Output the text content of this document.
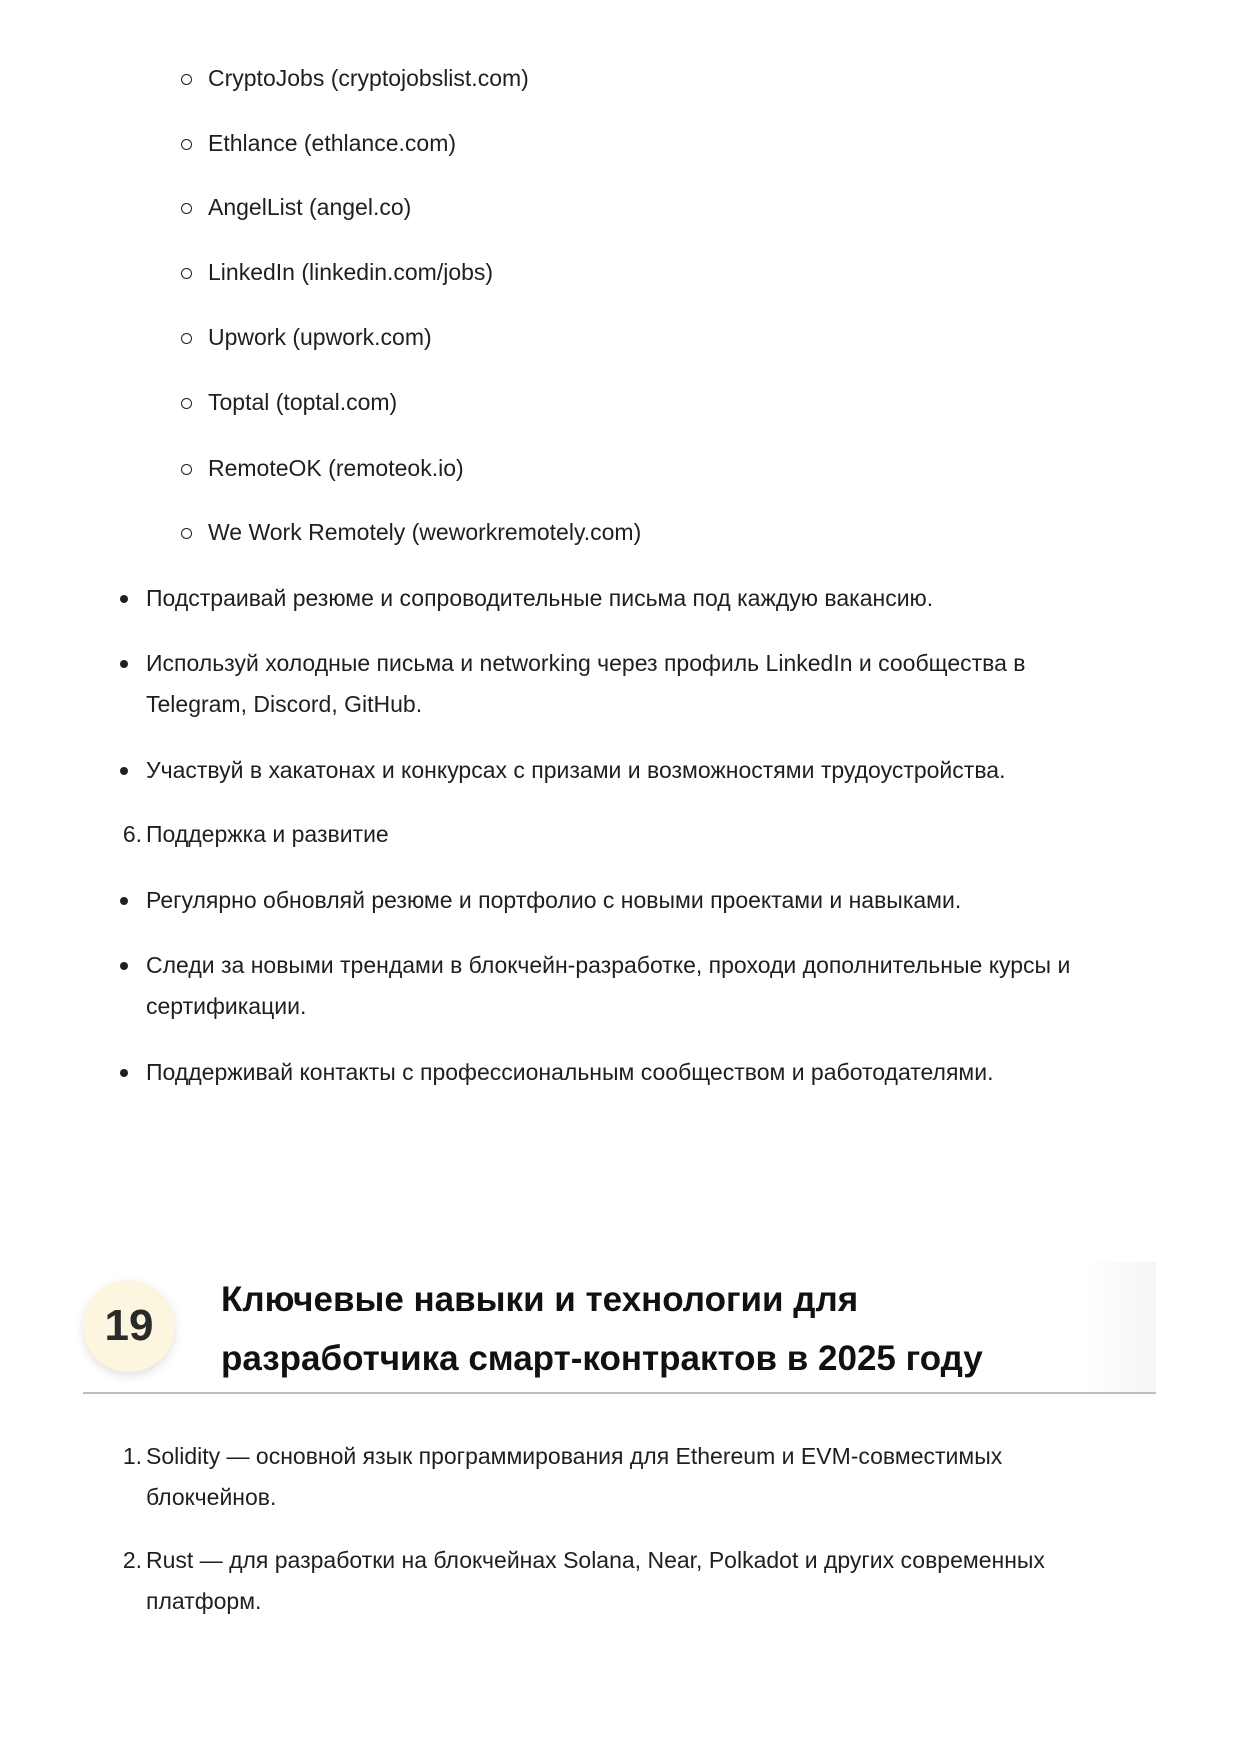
CryptoJobs (cryptojobslist.com)
Ethlance (ethlance.com)
AngelList (angel.co)
LinkedIn (linkedin.com/jobs)
Upwork (upwork.com)
Toptal (toptal.com)
RemoteOK (remoteok.io)
We Work Remotely (weworkremotely.com)
Подстраивай резюме и сопроводительные письма под каждую вакансию.
Используй холодные письма и networking через профиль LinkedIn и сообщества в
Telegram, Discord, GitHub.
Участвуй в хакатонах и конкурсах с призами и возможностями трудоустройства.
6. Поддержка и развитие
Регулярно обновляй резюме и портфолио с новыми проектами и навыками.
Следи за новыми трендами в блокчейн-разработке, проходи дополнительные курсы и
сертификации.
Поддерживай контакты с профессиональным сообществом и работодателями.
19
Ключевые навыки и технологии для
разработчика смарт-контрактов в 2025 году
1. Solidity — основной язык программирования для Ethereum и EVM-совместимых
блокчейнов.
2. Rust — для разработки на блокчейнах Solana, Near, Polkadot и других современных
платформ.
